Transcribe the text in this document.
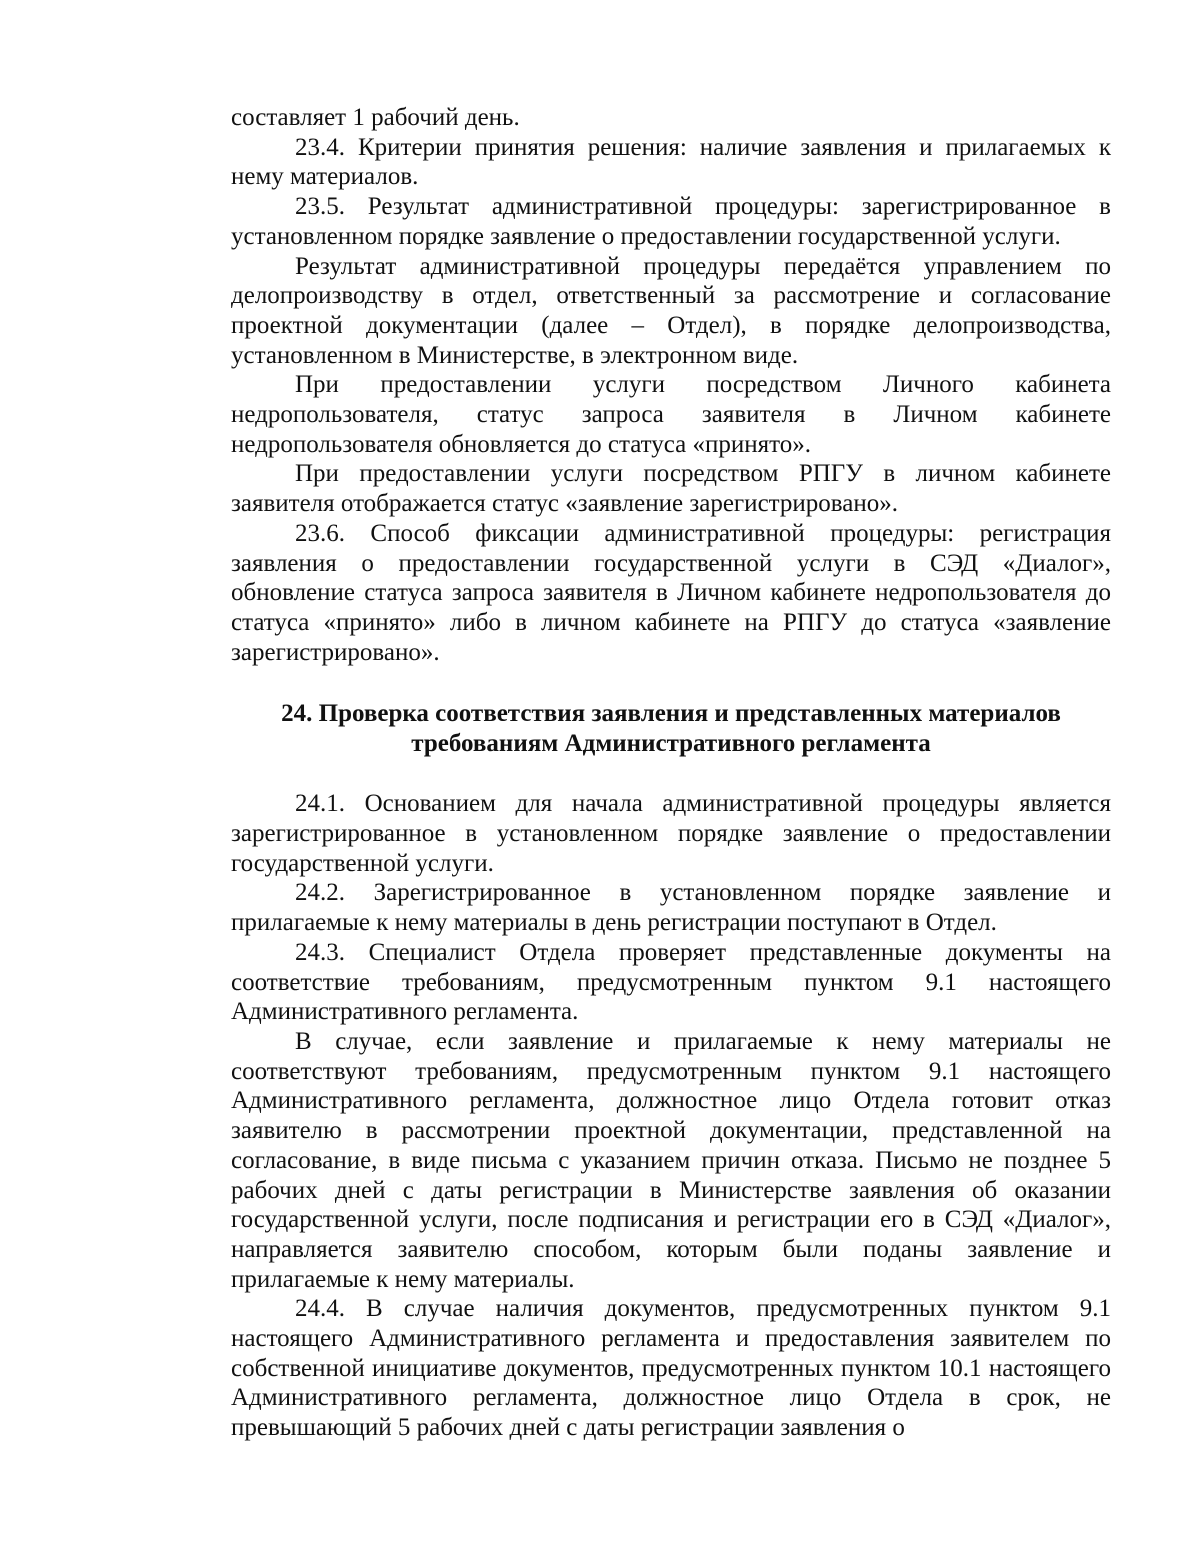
составляет 1 рабочий день.

23.4. Критерии принятия решения: наличие заявления и прилагаемых к нему материалов.

23.5. Результат административной процедуры: зарегистрированное в установленном порядке заявление о предоставлении государственной услуги.

Результат административной процедуры передаётся управлением по делопроизводству в отдел, ответственный за рассмотрение и согласование проектной документации (далее – Отдел), в порядке делопроизводства, установленном в Министерстве, в электронном виде.

При предоставлении услуги посредством Личного кабинета недропользователя, статус запроса заявителя в Личном кабинете недропользователя обновляется до статуса «принято».

При предоставлении услуги посредством РПГУ в личном кабинете заявителя отображается статус «заявление зарегистрировано».

23.6. Способ фиксации административной процедуры: регистрация заявления о предоставлении государственной услуги в СЭД «Диалог», обновление статуса запроса заявителя в Личном кабинете недропользователя до статуса «принято» либо в личном кабинете на РПГУ до статуса «заявление зарегистрировано».

24. Проверка соответствия заявления и представленных материалов
требованиям Административного регламента

24.1. Основанием для начала административной процедуры является зарегистрированное в установленном порядке заявление о предоставлении государственной услуги.

24.2. Зарегистрированное в установленном порядке заявление и прилагаемые к нему материалы в день регистрации поступают в Отдел.

24.3. Специалист Отдела проверяет представленные документы на соответствие требованиям, предусмотренным пунктом 9.1 настоящего Административного регламента.

В случае, если заявление и прилагаемые к нему материалы не соответствуют требованиям, предусмотренным пунктом 9.1 настоящего Административного регламента, должностное лицо Отдела готовит отказ заявителю в рассмотрении проектной документации, представленной на согласование, в виде письма с указанием причин отказа. Письмо не позднее 5 рабочих дней с даты регистрации в Министерстве заявления об оказании государственной услуги, после подписания и регистрации его в СЭД «Диалог», направляется заявителю способом, которым были поданы заявление и прилагаемые к нему материалы.

24.4. В случае наличия документов, предусмотренных пунктом 9.1 настоящего Административного регламента и предоставления заявителем по собственной инициативе документов, предусмотренных пунктом 10.1 настоящего Административного регламента, должностное лицо Отдела в срок, не превышающий 5 рабочих дней с даты регистрации заявления о
